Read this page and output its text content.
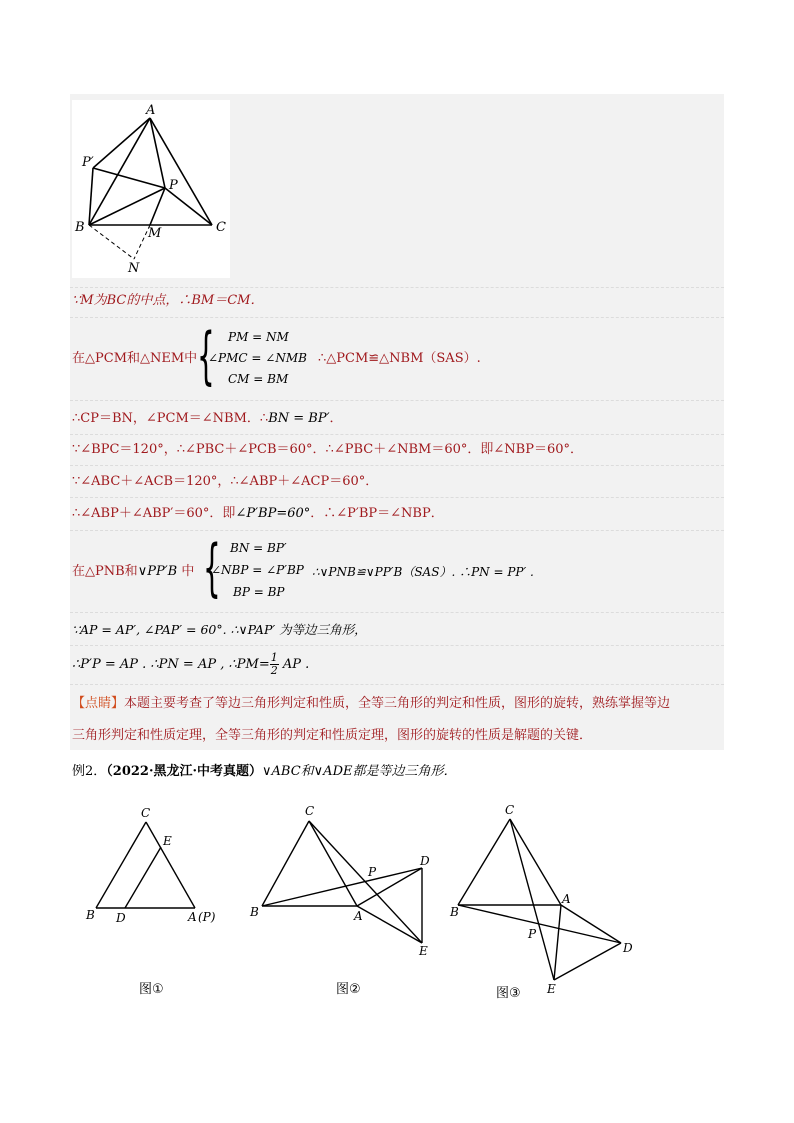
A
P′
P
B	M	C
N
∵M为BC的中点，∴BM＝CM．
在△PCM和△NEM中 { PM = NM
∠PMC = ∠NMB
CM = BM
∴△PCM≌△NBM（SAS）.
∴CP＝BN，∠PCM＝∠NBM．∴BN = BP′．
∵∠BPC＝120°，∴∠PBC＋∠PCB＝60°．∴∠PBC＋∠NBM＝60°．即∠NBP＝60°．
∵∠ABC＋∠ACB＝120°，∴∠ABP＋∠ACP＝60°．
∴∠ABP＋∠ABP′＝60°．即∠P′BP=60°．∴∠P′BP＝∠NBP．
在△PNB和∨PP′B 中 { BN = BP′
∠NBP = ∠P′BP
BP = BP
∴∨PNB≌∨PP′B（SAS）. ∴PN = PP′ .
∵AP = AP′, ∠PAP′ = 60°. ∴∨PAP′ 为等边三角形，
∴P′P = AP . ∴PN = AP , ∴PM= $\frac{1}{2}$ AP .
【点睛】本题主要考查了等边三角形判定和性质，全等三角形的判定和性质，图形的旋转，熟练掌握等边
三角形判定和性质定理，全等三角形的判定和性质定理，图形的旋转的性质是解题的关键．
例2．（2022·黑龙江·中考真题）∨ABC和∨ADE都是等边三角形．
C
E
B D	A (P)
C
P
D
B	A
E
C
A
B
P
D
E
图①	图②	图③
